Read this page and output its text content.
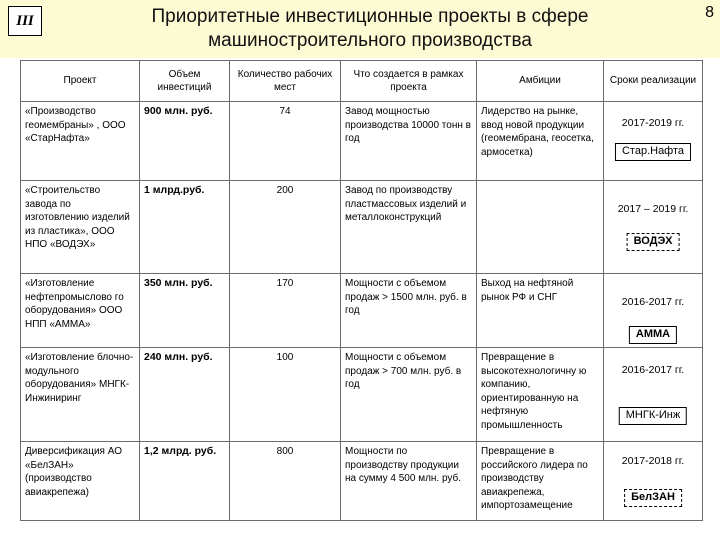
III	Приоритетные инвестиционные проекты в сфере
машиностроительного производства
8
Проект	Объем инвестиций	Количество рабочих мест	Что создается в рамках проекта	Амбиции	Сроки реализации
«Производство геомембраны» , ООО «СтарНафта»	900 млн. руб.	74	Завод мощностью производства 10000 тонн в год	Лидерство на рынке, ввод новой продукции (геомембрана, геосетка, армосетка)	2017-2019 гг.
Стар.Нафта

«Строительство завода по изготовлению изделий из пластика», ООО НПО «ВОДЭХ»	1 млрд.руб.	200	Завод по производству пластмассовых изделий и металлоконструкций		2017 – 2019 гг.
ВОДЭХ

«Изготовление нефтепромыслово го оборудования» ООО НПП «АММА»	350 млн. руб.	170	Мощности с объемом продаж > 1500 млн. руб. в год	Выход на нефтяной рынок РФ и СНГ	2016-2017 гг.
АММА

«Изготовление блочно-модульного оборудования» МНГК-Инжиниринг	240 млн. руб.	100	Мощности с объемом продаж > 700 млн. руб. в год	Превращение в высокотехнологичну ю компанию, ориентированную на нефтяную промышленность	2016-2017 гг.
МНГК-Инж

Диверсификация АО «БелЗАН» (производство авиакрепежа)	1,2 млрд. руб.	800	Мощности по производству продукции на сумму 4 500 млн. руб.	Превращение в российского лидера по производству авиакрепежа, импортозамещение	2017-2018 гг.
БелЗАН
